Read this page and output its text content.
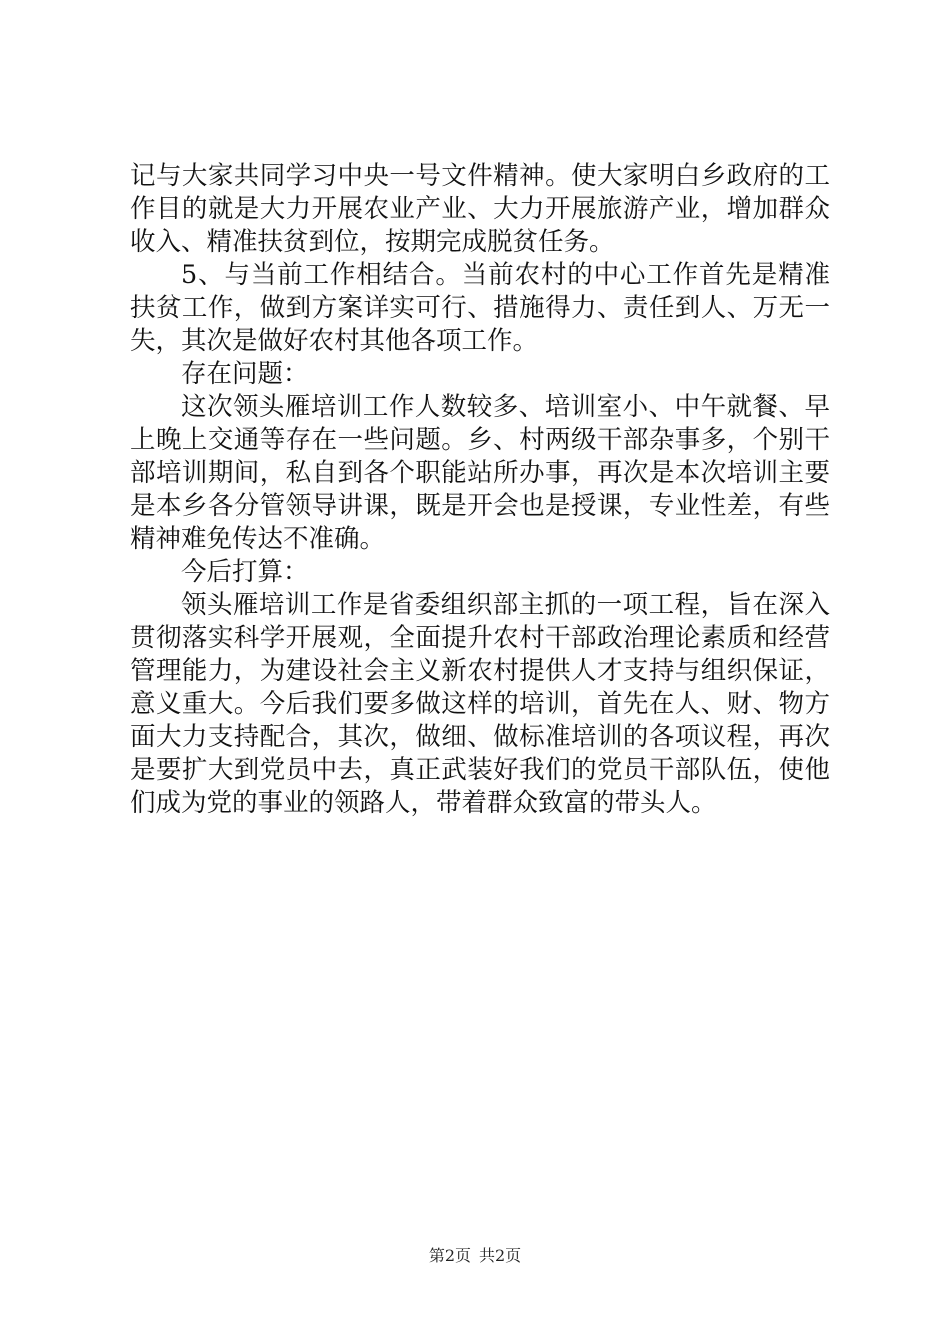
记与大家共同学习中央一号文件精神。使大家明白乡政府的工作目的就是大力开展农业产业、大力开展旅游产业，增加群众收入、精准扶贫到位，按期完成脱贫任务。

5、与当前工作相结合。当前农村的中心工作首先是精准扶贫工作，做到方案详实可行、措施得力、责任到人、万无一失，其次是做好农村其他各项工作。

存在问题：

这次领头雁培训工作人数较多、培训室小、中午就餐、早上晚上交通等存在一些问题。乡、村两级干部杂事多，个别干部培训期间，私自到各个职能站所办事，再次是本次培训主要是本乡各分管领导讲课，既是开会也是授课，专业性差，有些精神难免传达不准确。

今后打算：

领头雁培训工作是省委组织部主抓的一项工程，旨在深入贯彻落实科学开展观，全面提升农村干部政治理论素质和经营管理能力，为建设社会主义新农村提供人才支持与组织保证，意义重大。今后我们要多做这样的培训，首先在人、财、物方面大力支持配合，其次，做细、做标准培训的各项议程，再次是要扩大到党员中去，真正武装好我们的党员干部队伍，使他们成为党的事业的领路人，带着群众致富的带头人。

第2页 共2页
